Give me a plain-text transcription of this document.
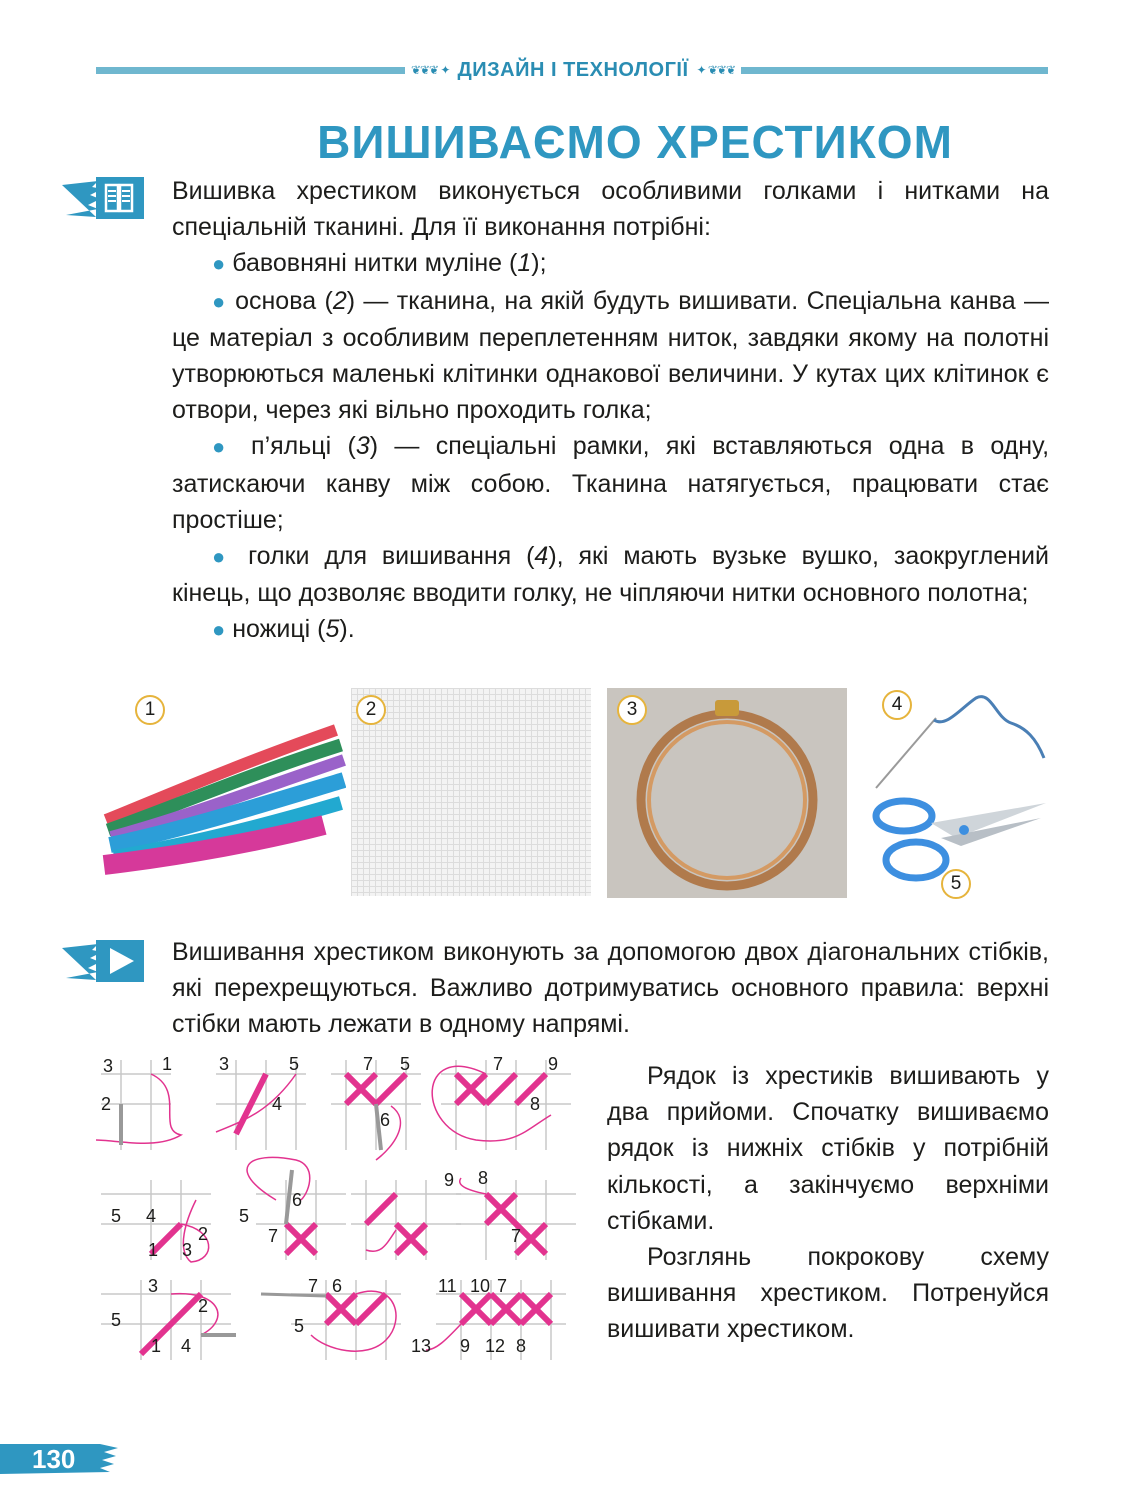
❦❦❦ ✦ ДИЗАЙН І ТЕХНОЛОГІЇ ✦ ❦❦❦
ВИШИВАЄМО ХРЕСТИКОМ

Вишивка хрестиком виконується особливими голками і нитками на спеціальній тканині. Для її виконання потрібні:

● бавовняні нитки муліне (1);

● основа (2) — тканина, на якій будуть вишивати. Спеціальна канва — це матеріал з особливим переплетенням ниток, завдяки якому на полотні утворюються маленькі клітинки однакової величини. У кутах цих клітинок є отвори, через які вільно проходить голка;

● п’яльці (3) — спеціальні рамки, які вставляються одна в одну, затискаючи канву між собою. Тканина натягується, працювати стає простіше;

● голки для вишивання (4), які мають вузьке вушко, заокруглений кінець, що дозволяє вводити голку, не чіпляючи нитки основного полотна;

● ножиці (5).

1	2	3	4
5

Вишивання хрестиком виконують за допомогою двох діагональних стібків, які перехрещуються. Важливо дотримуватись основного правила: верхні стібки мають лежати в одному напрямі.

3	1
2
3	5
4
7 5
6
7 9
8
5 4
2
1 3
6
5
7
9 8
7
3
2
5
1 4
7 6
5
11 10 7
13 9 12 8

Рядок із хрестиків вишивають у два прийоми. Спочатку вишиваємо рядок із нижніх стібків у потрібній кількості, а закінчуємо верхніми стібками.

Розглянь покрокову схему вишивання хрестиком. Потренуйся вишивати хрестиком.

130
